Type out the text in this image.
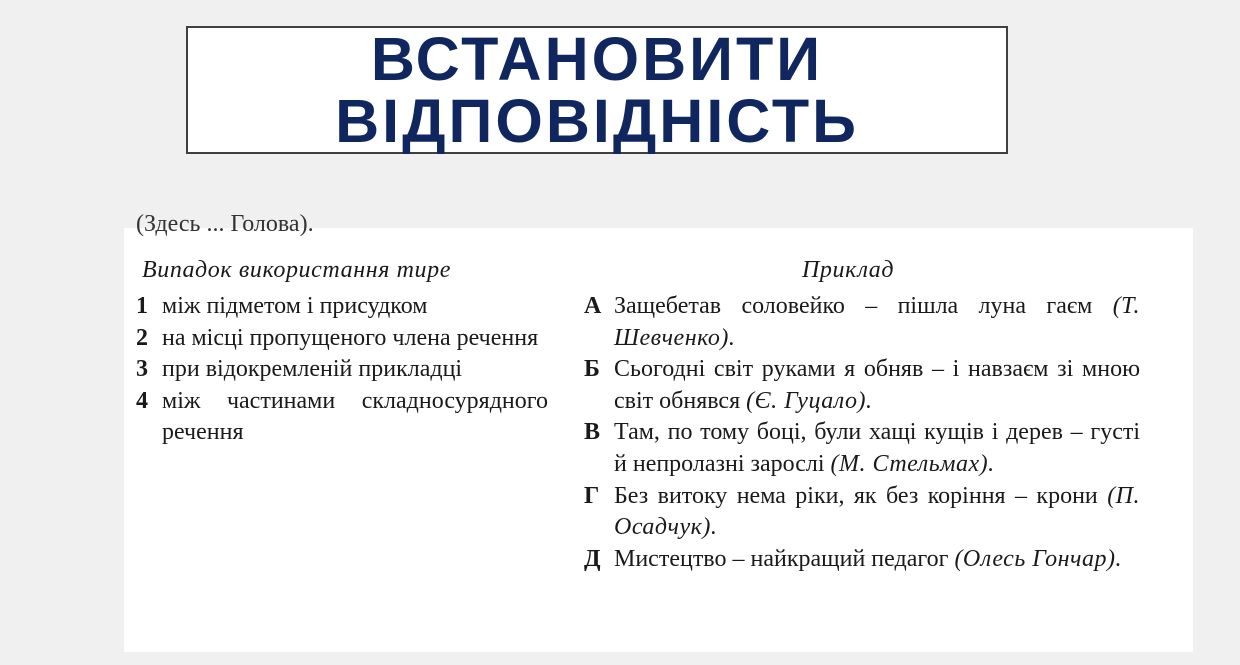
ВСТАНОВИТИ
ВІДПОВІДНІСТЬ
(Здесь ... Голова).
Випадок використання тире	Приклад
1 між підметом і присудком
2 на місці пропущеного члена речення
3 при відокремленій прикладці
4 між частинами складносурядного речення
А Защебетав соловейко – пішла луна гаєм (Т. Шевченко).
Б Сьогодні світ руками я обняв – і навзаєм зі мною світ обнявся (Є. Гуцало).
В Там, по тому боці, були хащі кущів і дерев – густі й непролазні зарослі (М. Стельмах).
Г Без витоку нема ріки, як без коріння – крони (П. Осадчук).
Д Мистецтво – найкращий педагог (Олесь Гончар).
